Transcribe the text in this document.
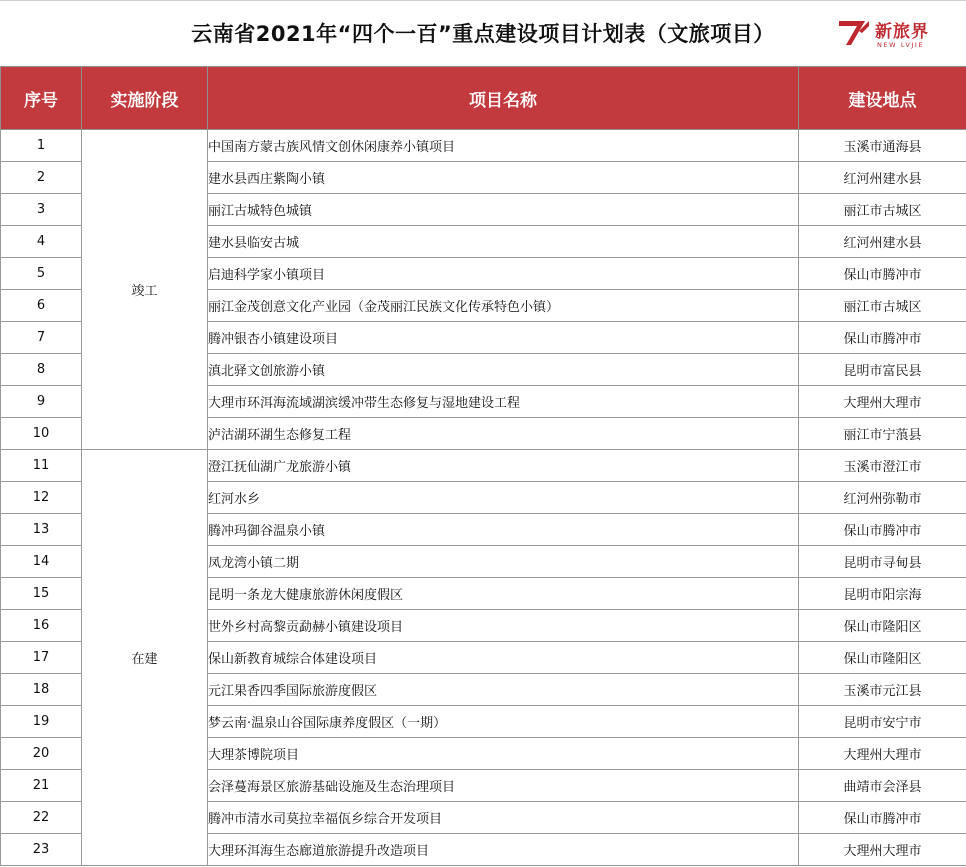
云南省2021年“四个一百”重点建设项目计划表（文旅项目）	新旅界
NEW LVJIE
序号	实施阶段	项目名称	建设地点
1	竣工	中国南方蒙古族风情文创休闲康养小镇项目	玉溪市通海县
2		建水县西庄紫陶小镇	红河州建水县
3		丽江古城特色城镇	丽江市古城区
4		建水县临安古城	红河州建水县
5		启迪科学家小镇项目	保山市腾冲市
6		丽江金茂创意文化产业园（金茂丽江民族文化传承特色小镇）	丽江市古城区
7		腾冲银杏小镇建设项目	保山市腾冲市
8		滇北驿文创旅游小镇	昆明市富民县
9		大理市环洱海流域湖滨缓冲带生态修复与湿地建设工程	大理州大理市
10		泸沽湖环湖生态修复工程	丽江市宁蒗县
11	在建	澄江抚仙湖广龙旅游小镇	玉溪市澄江市
12		红河水乡	红河州弥勒市
13		腾冲玛御谷温泉小镇	保山市腾冲市
14		凤龙湾小镇二期	昆明市寻甸县
15		昆明一条龙大健康旅游休闲度假区	昆明市阳宗海
16		世外乡村高黎贡勐赫小镇建设项目	保山市隆阳区
17		保山新教育城综合体建设项目	保山市隆阳区
18		元江果香四季国际旅游度假区	玉溪市元江县
19		梦云南·温泉山谷国际康养度假区（一期）	昆明市安宁市
20		大理茶博院项目	大理州大理市
21		会泽蔓海景区旅游基础设施及生态治理项目	曲靖市会泽县
22		腾冲市清水司莫拉幸福佤乡综合开发项目	保山市腾冲市
23		大理环洱海生态廊道旅游提升改造项目	大理州大理市
